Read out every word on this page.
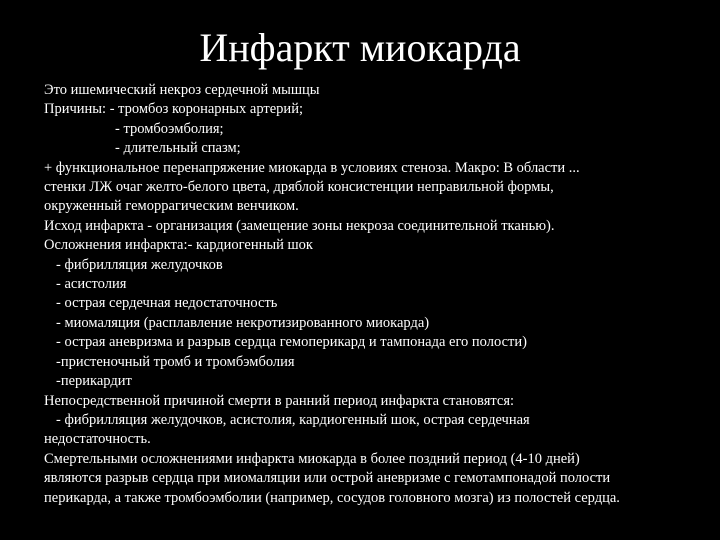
Инфаркт миокарда
Это ишемический некроз сердечной мышцы
Причины: - тромбоз коронарных артерий;
- тромбоэмболия;
- длительный спазм;
+ функциональное перенапряжение миокарда в условиях стеноза. Макро: В области ...
стенки ЛЖ очаг желто-белого цвета, дряблой консистенции неправильной формы,
окруженный геморрагическим венчиком.
Исход инфаркта - организация (замещение зоны некроза соединительной тканью).
Осложнения инфаркта:- кардиогенный шок
- фибрилляция желудочков
- асистолия
- острая сердечная недостаточность
- миомаляция (расплавление некротизированного миокарда)
- острая аневризма и разрыв сердца гемоперикард и тампонада его полости)
-пристеночный тромб и тромбэмболия
-перикардит
Непосредственной причиной смерти в ранний период инфаркта становятся:
- фибрилляция желудочков, асистолия, кардиогенный шок, острая сердечная
недостаточность.
Смертельными осложнениями инфаркта миокарда в более поздний период (4-10 дней)
являются разрыв сердца при миомаляции или острой аневризме с гемотампонадой полости
перикарда, а также тромбоэмболии (например, сосудов головного мозга) из полостей сердца.
